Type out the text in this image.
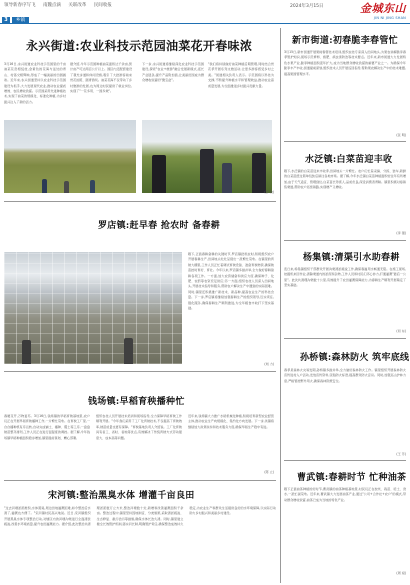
领导新春序写飞 南魏点滴 关联改革 民间收报	2024年3月15日	金城东山
JIN NI JING SHAN
3	乡镇
永兴街道:农业科技示范园油菜花开春味浓
3月16日,永兴街道农业科技示范园里的千亩油菜花竞相绽放,金黄色的花海与远处的青山、村落交相辉映,形成了一幅美丽的田园画卷。近年来,永兴街道坚持以农业科技示范园建设为抓手,大力发展现代农业,推动农业提质增效、农民增收致富。示范园采用先进种植技术,实现了油菜的规模化、标准化种植,为乡村振兴注入了新的活力。
据介绍,今年示范园种植油菜面积达千余亩,预计亩产可达两百公斤以上。园区内还配套建设了观光步道和休闲设施,吸引了大批游客前来赏花拍照、踏青游玩。油菜花海不仅带动了乡村旅游的发展,也为周边村民提供了就业岗位,实现了"一花多用、一园多效"。
下一步,永兴街道将继续深化农业科技示范园建设,探索"农业+旅游"融合发展新模式,延长产业链条,提升产品附加值,让美丽田园成为群众增收致富的"聚宝盆"。
"我们将持续做好油菜种植后期管理,同时结合赏花季开展系列文旅活动,让更多游客感受乡村之美。"街道相关负责人表示。示范园将以科技为支撑,不断提升种植水平和管理效益,推动农业高质量发展,为全面推进乡村振兴贡献力量。
(钟 敏)
罗店镇:赶早春 抢农时 备春耕
眼下,正值春耕备耕的关键时节,罗店镇抢抓农时,积极组织农户开展春耕生产,田间地头处处呈现出一派繁忙景象。在镇里的育秧大棚里,工作人员正忙着调试育秧设备、准备育秧物资,确保秧苗按时育好、育壮。今年以来,罗店镇多措并举,全力做好春耕备耕各项工作。一方面,加大农资储备和供应力度,确保种子、化肥、农药等农资充足供应;另一方面,组织农技人员深入田间地头,开展技术指导和服务,帮助农户解决生产中遇到的实际困难。同时,镇里还积极推广新技术、新品种,提高农业生产的科技含量。下一步,罗店镇将继续加强春耕生产的组织领导,压实责任,强化服务,确保春耕生产顺利推进,为全年粮食丰收打下坚实基础。
(刘 力)
钱场镇:早稻育秧播种忙
春暖花开,万物复苏。3月16日,钱场镇的早稻育秧基地里,农户们正在开展早稻育秧播种工作,一片繁忙景象。在育秧工厂里,一台台播种机有序运转,自动完成铺土、播种、覆土等工序,一盘盘秧苗整齐排列,工作人员正在进行温湿度的调控。据了解,今年钱场镇早稻种植面积稳步增加,镇里提前谋划、精心部署,
组织农技人员开展技术培训和现场指导,全力保障早稻育秧工作顺利开展。"今年我们采用了工厂化育秧技术,不仅提高了育秧效率,秧苗质量也更有保障。"育秧基地负责人介绍说。工厂化育秧具有省工、省时、省地等优点,有效解决了传统育秧方式劳动强度大、成本高等问题。
近年来,钱场镇大力推广水稻机械化种植,积极培育新型农业经营主体,推动农业生产向规模化、集约化方向发展。下一步,该镇将继续加大政策扶持和技术服务力度,确保早稻生产稳中有进。
(陈 立)
宋河镇:整治黑臭水体 增灌千亩良田
"过去河塘淤泥堆积,水体黑臭,周边田地灌溉困难,如今整治后水清了,灌溉也方便了。"宋河镇村民高兴地说。近日,宋河镇组织开展黑臭水体专项整治行动,对辖区内的河塘沟渠进行全面清淤疏浚,改善水环境质量,提升农田灌溉能力。据介绍,此次整治共清理淤泥数万立方米,整治河塘数十处,新增和改善灌溉面积千余亩。整治过程中,镇里坚持因地制宜、分类施策,采取清淤疏浚、生态修复、截污治污等措施,确保水体长治久清。同时,镇里建立健全长效管护机制,落实河长制,明确管护责任,确保整治成效持久稳定,为农业生产和群众生活提供良好的水环境保障,以实际行动助力乡村振兴和美丽乡村建设。
新市街道:初春脆李春管忙
3月15日,新市街道开展果树春管技术培训,组织农技专家深入田间地头,为果农讲解脆李春季管护知识,现场示范修剪、施肥、病虫害防治等技术要点。近年来,新市街道大力发展特色水果产业,脆李种植面积逐年扩大,成为当地群众增收致富的重要产业之一。为确保今年脆李丰产丰收,街道提前谋划,组织技术人员开展巡回指导,帮助果农解决生产中的技术难题,提高果园管理水平。
(张 明)
水泛镇:白菜苗迎丰收
眼下,水泛镇的白菜苗迎来丰收季,田间地头一片繁忙。农户们忙着采摘、分拣、装车,新鲜的白菜苗经过简单包装后销往各地市场。据了解,今年水泛镇白菜苗种植面积较往年有所增加,由于天气适宜、管理到位,白菜苗长势喜人,品质优良,深受消费者青睐。镇里积极对接销售渠道,帮助农户拓宽销路,实现增产又增收。
(李 强)
杨集镇:清渠引水助春耕
连日来,杨集镇组织干部群众开展沟渠清淤疏浚工作,确保春灌用水畅通无阻。在施工现场,挖掘机来回作业,清除渠道内的淤泥和杂物,工作人员和村民们齐心协力,打通灌溉"最后一公里"。此次共清理沟渠数十公里,有效提升了农田灌溉保障能力,为春耕生产顺利开展奠定了坚实基础。
(何 东)
孙桥镇:森林防火 筑牢底线
春季是森林火灾易发期,孙桥镇多措并举,全力做好森林防火工作。镇里组织开展森林防火宣传进村入户活动,发放宣传资料,张贴防火标语,提高群众防火意识。同时,加强巡山护林力度,严格管控野外用火,确保森林资源安全。
(王 芳)
曹武镇:春耕时节 忙种油茶
眼下正值油茶种植的好时节,曹武镇的油茶种植基地里,村民们正在挖坑、栽苗、培土、浇水,一派忙碌景象。近年来,曹武镇大力发展油茶产业,通过"公司+合作社+农户"的模式,带动群众增收致富,油茶已成为当地的特色产业。
(周 斌)
